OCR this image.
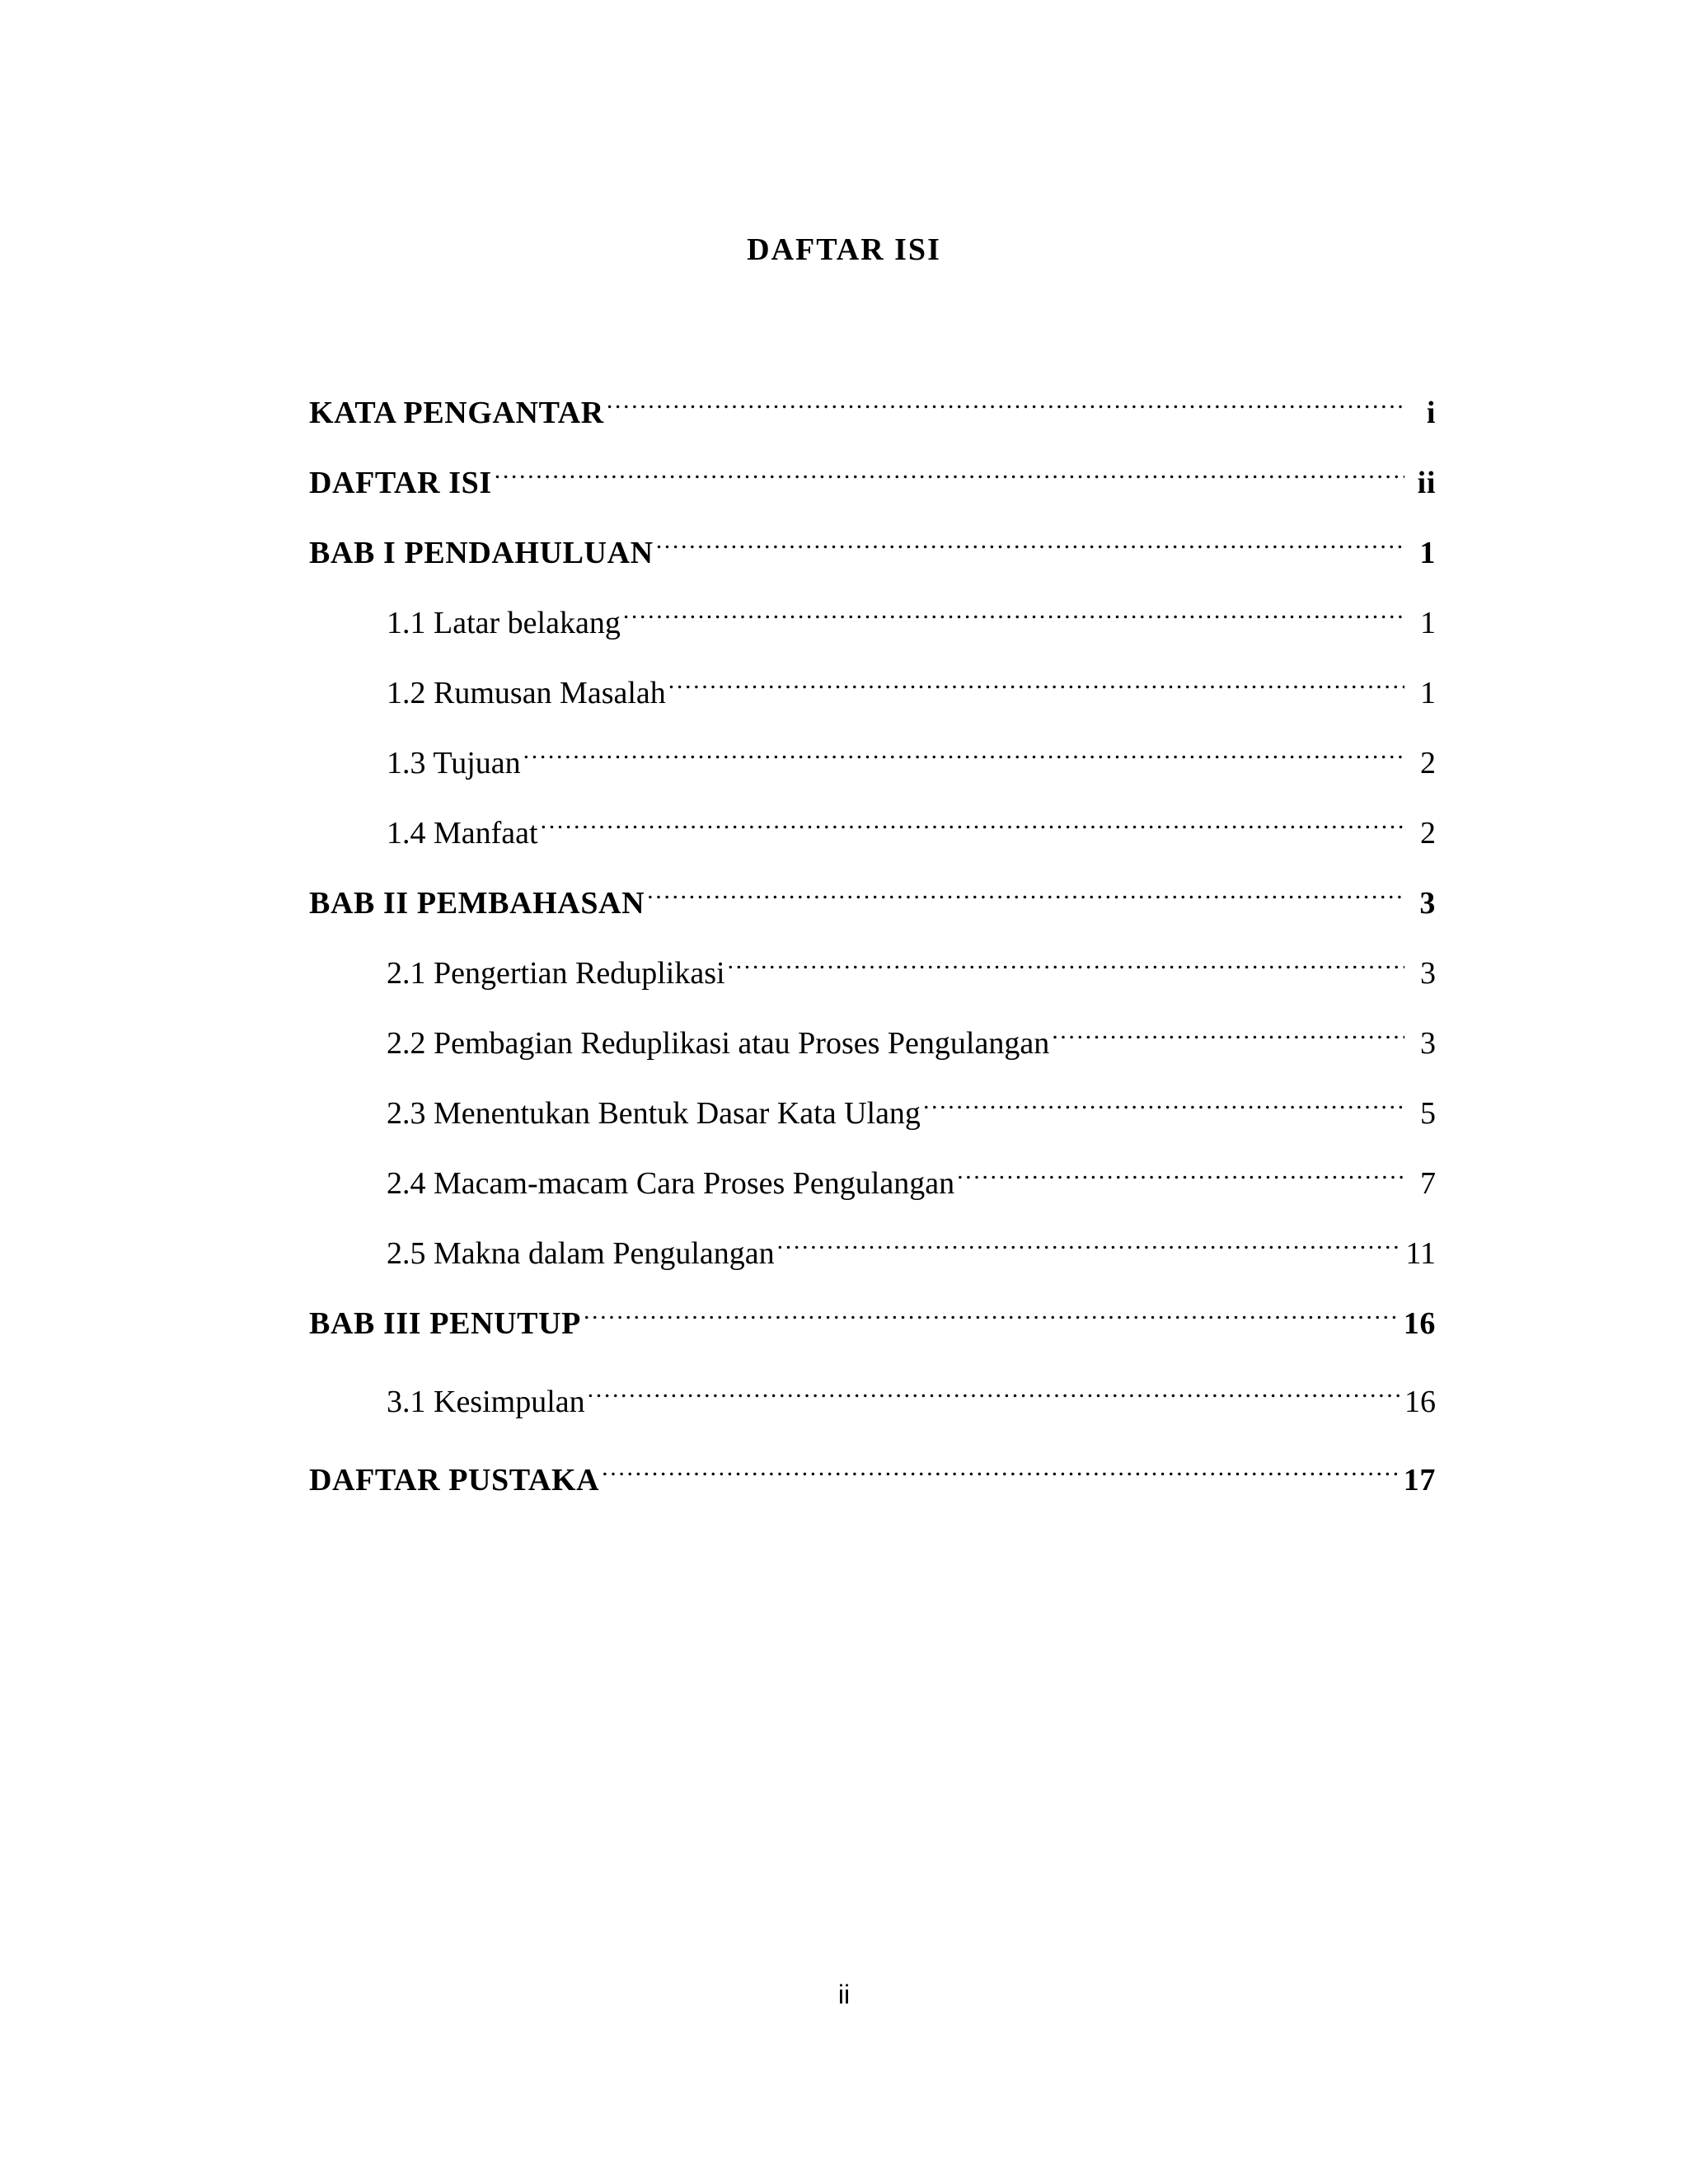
DAFTAR ISI
KATA PENGANTAR .....	i
DAFTAR ISI .....	ii
BAB I PENDAHULUAN .....	1
1.1 Latar belakang .....	1
1.2 Rumusan Masalah .....	1
1.3 Tujuan .....	2
1.4 Manfaat .....	2
BAB II PEMBAHASAN .....	3
2.1 Pengertian Reduplikasi .....	3
2.2 Pembagian Reduplikasi atau Proses Pengulangan .....	3
2.3 Menentukan Bentuk Dasar Kata Ulang .....	5
2.4 Macam-macam Cara Proses Pengulangan .....	7
2.5 Makna dalam Pengulangan .....	11
BAB III PENUTUP .....	16
3.1 Kesimpulan .....	16
DAFTAR PUSTAKA .....	17
ii
